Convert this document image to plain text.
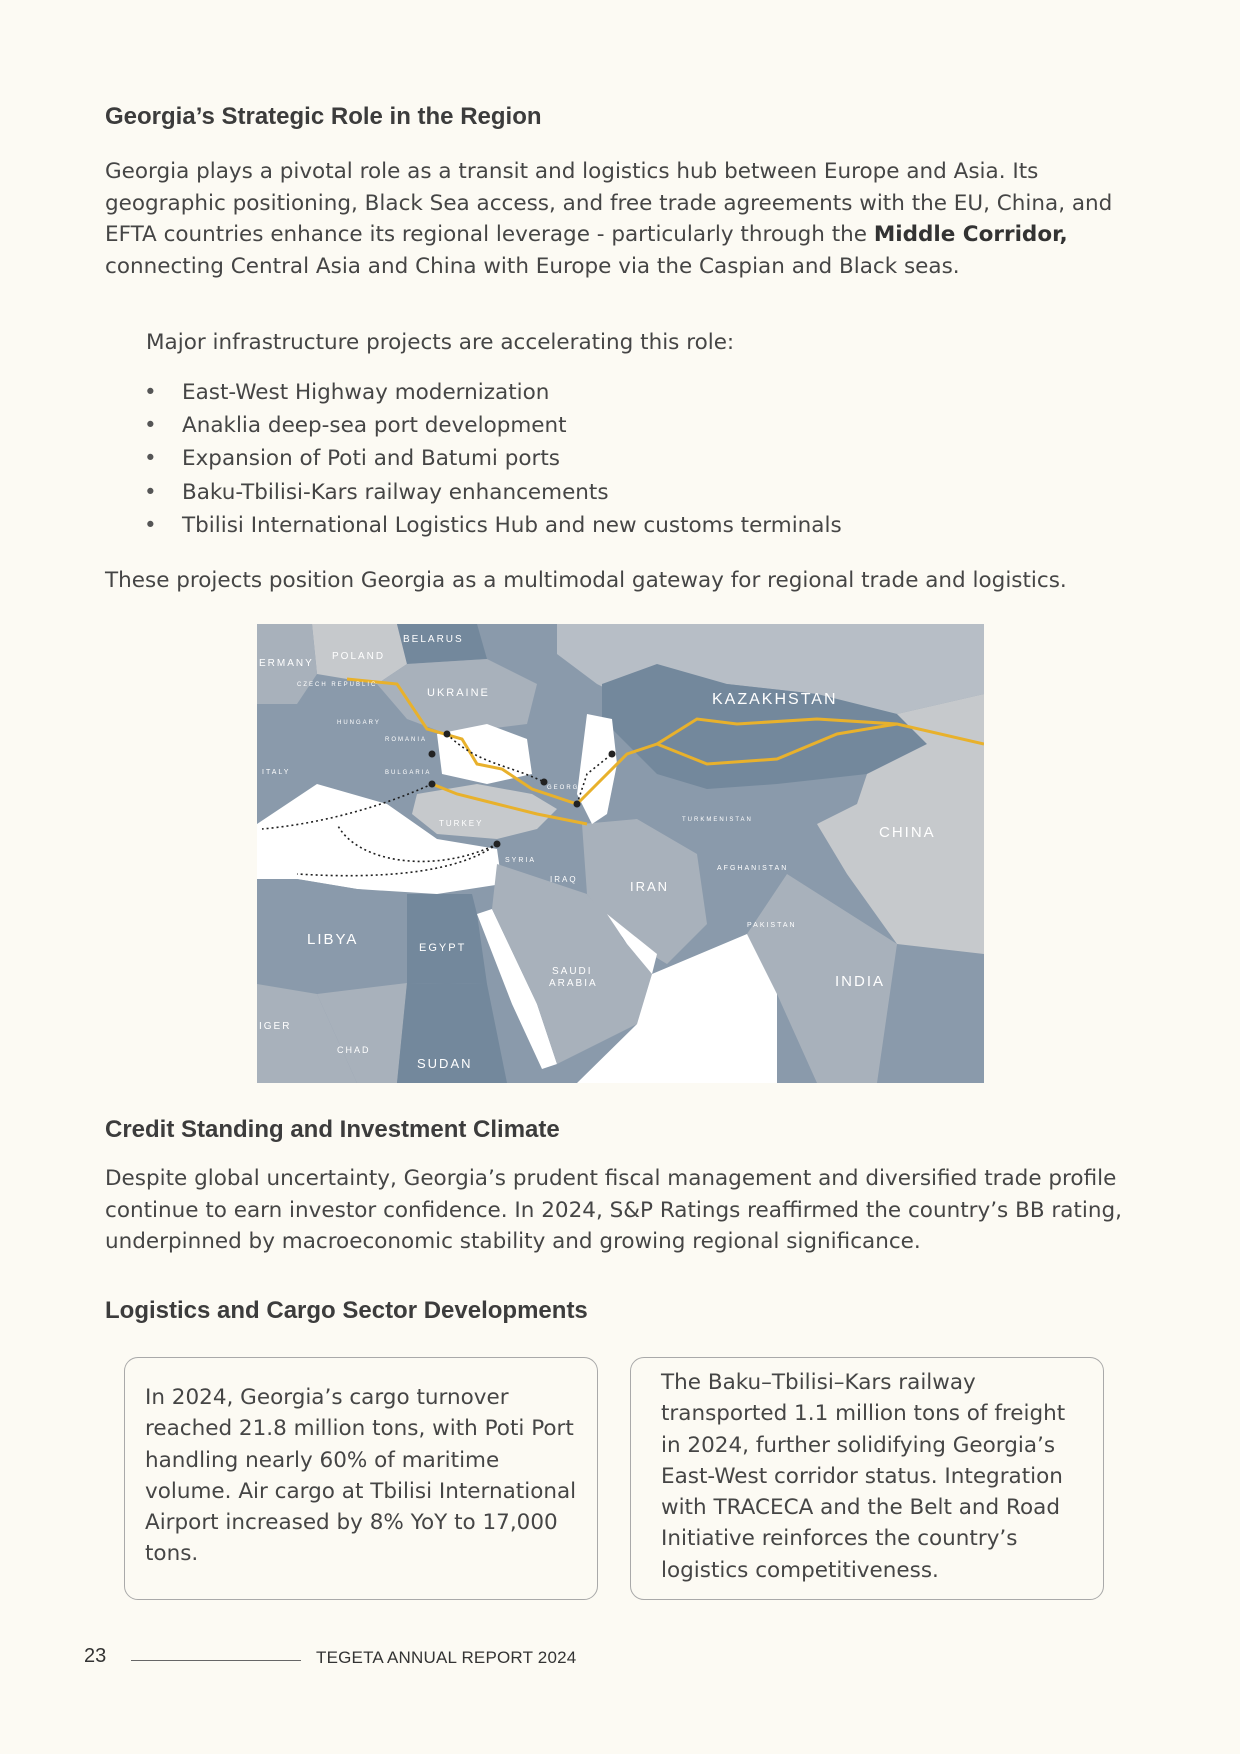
Georgia’s Strategic Role in the Region

Georgia plays a pivotal role as a transit and logistics hub between Europe and Asia. Its geographic positioning, Black Sea access, and free trade agreements with the EU, China, and EFTA countries enhance its regional leverage - particularly through the Middle Corridor, connecting Central Asia and China with Europe via the Caspian and Black seas.

Major infrastructure projects are accelerating this role:

• East-West Highway modernization
• Anaklia deep-sea port development
• Expansion of Poti and Batumi ports
• Baku-Tbilisi-Kars railway enhancements
• Tbilisi International Logistics Hub and new customs terminals

These projects position Georgia as a multimodal gateway for regional trade and logistics.

POLAND
BELARUS
ERMANY
CZECH REPUBLIC
UKRAINE
HUNGARY
ROMANIA
BULGARIA
ITALY
KAZAKHSTAN
GEORGIA
TURKEY
SYRIA
IRAQ	IRAN
TURKMENISTAN
AFGHANISTAN
PAKISTAN
CHINA
INDIA
LIBYA	EGYPT
SAUDI
ARABIA
IGER
CHAD
SUDAN
Credit Standing and Investment Climate

Despite global uncertainty, Georgia’s prudent fiscal management and diversified trade profile continue to earn investor confidence. In 2024, S&P Ratings reaffirmed the country’s BB rating, underpinned by macroeconomic stability and growing regional significance.

Logistics and Cargo Sector Developments
In 2024, Georgia’s cargo turnover reached 21.8 million tons, with Poti Port handling nearly 60% of maritime volume. Air cargo at Tbilisi International Airport increased by 8% YoY to 17,000 tons.
The Baku–Tbilisi–Kars railway transported 1.1 million tons of freight in 2024, further solidifying Georgia’s East-West corridor status. Integration with TRACECA and the Belt and Road Initiative reinforces the country’s logistics competitiveness.
23	TEGETA ANNUAL REPORT 2024
